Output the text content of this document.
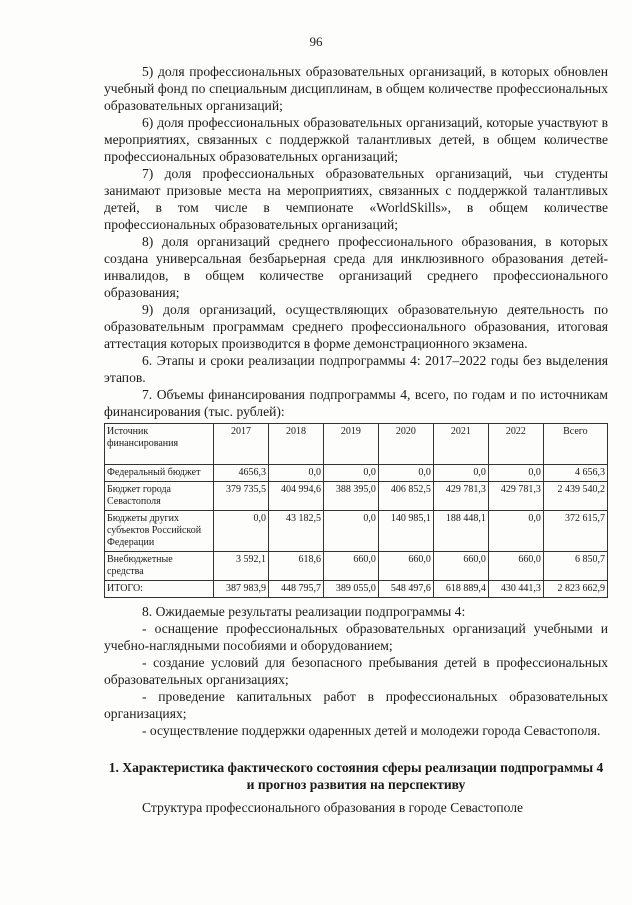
96

5) доля профессиональных образовательных организаций, в которых обновлен учебный фонд по специальным дисциплинам, в общем количестве профессиональных образовательных организаций;

6) доля профессиональных образовательных организаций, которые участвуют в мероприятиях, связанных с поддержкой талантливых детей, в общем количестве профессиональных образовательных организаций;

7) доля профессиональных образовательных организаций, чьи студенты занимают призовые места на мероприятиях, связанных с поддержкой талантливых детей, в том числе в чемпионате «WorldSkills», в общем количестве профессиональных образовательных организаций;

8) доля организаций среднего профессионального образования, в которых создана универсальная безбарьерная среда для инклюзивного образования детей-инвалидов, в общем количестве организаций среднего профессионального образования;

9) доля организаций, осуществляющих образовательную деятельность по образовательным программам среднего профессионального образования, итоговая аттестация которых производится в форме демонстрационного экзамена.

6. Этапы и сроки реализации подпрограммы 4: 2017–2022 годы без выделения этапов.

7. Объемы финансирования подпрограммы 4, всего, по годам и по источникам финансирования (тыс. рублей):

Источник финансирования	2017	2018	2019	2020	2021	2022	Всего
Федеральный бюджет	4656,3	0,0	0,0	0,0	0,0	0,0	4 656,3
Бюджет города Севастополя	379 735,5	404 994,6	388 395,0	406 852,5	429 781,3	429 781,3	2 439 540,2
Бюджеты других субъектов Российской Федерации	0,0	43 182,5	0,0	140 985,1	188 448,1	0,0	372 615,7
Внебюджетные средства	3 592,1	618,6	660,0	660,0	660,0	660,0	6 850,7
ИТОГО:	387 983,9	448 795,7	389 055,0	548 497,6	618 889,4	430 441,3	2 823 662,9

8. Ожидаемые результаты реализации подпрограммы 4:

- оснащение профессиональных образовательных организаций учебными и учебно-наглядными пособиями и оборудованием;

- создание условий для безопасного пребывания детей в профессиональных образовательных организациях;

- проведение капитальных работ в профессиональных образовательных организациях;

- осуществление поддержки одаренных детей и молодежи города Севастополя.

1. Характеристика фактического состояния сферы реализации подпрограммы 4 и прогноз развития на перспективу

Структура профессионального образования в городе Севастополе
